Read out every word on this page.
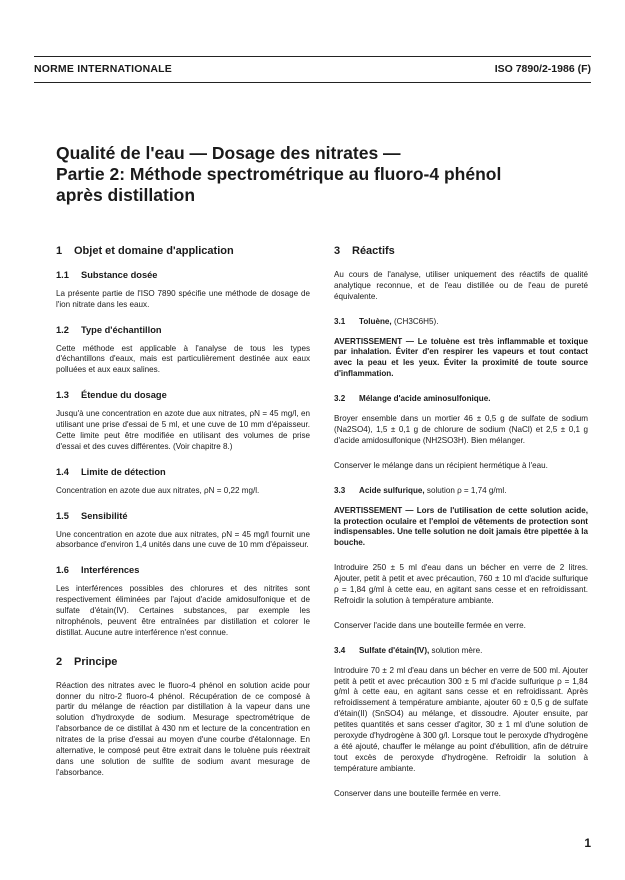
NORME INTERNATIONALE	ISO 7890/2-1986 (F)
Qualité de l'eau — Dosage des nitrates —
Partie 2: Méthode spectrométrique au fluoro-4 phénol
après distillation
1 Objet et domaine d'application
1.1 Substance dosée

La présente partie de l'ISO 7890 spécifie une méthode de dosage de l'ion nitrate dans les eaux.

1.2 Type d'échantillon

Cette méthode est applicable à l'analyse de tous les types d'échantillons d'eaux, mais est particulièrement destinée aux eaux polluées et aux eaux salines.

1.3 Étendue du dosage

Jusqu'à une concentration en azote due aux nitrates, ρN = 45 mg/l, en utilisant une prise d'essai de 5 ml, et une cuve de 10 mm d'épaisseur. Cette limite peut être modifiée en utilisant des volumes de prise d'essai et des cuves différentes. (Voir chapitre 8.)

1.4 Limite de détection

Concentration en azote due aux nitrates, ρN = 0,22 mg/l.

1.5 Sensibilité

Une concentration en azote due aux nitrates, ρN = 45 mg/l fournit une absorbance d'environ 1,4 unités dans une cuve de 10 mm d'épaisseur.

1.6 Interférences

Les interférences possibles des chlorures et des nitrites sont respectivement éliminées par l'ajout d'acide amidosulfonique et de sulfate d'étain(IV). Certaines substances, par exemple les nitrophénols, peuvent être entraînées par distillation et colorer le distillat. Aucune autre interférence n'est connue.

2 Principe

Réaction des nitrates avec le fluoro-4 phénol en solution acide pour donner du nitro-2 fluoro-4 phénol. Récupération de ce composé à partir du mélange de réaction par distillation à la vapeur dans une solution d'hydroxyde de sodium. Mesurage spectrométrique de l'absorbance de ce distillat à 430 nm et lecture de la concentration en nitrates de la prise d'essai au moyen d'une courbe d'étalonnage. En alternative, le composé peut être extrait dans le toluène puis réextrait dans une solution de sulfite de sodium avant mesurage de l'absorbance.

3 Réactifs

Au cours de l'analyse, utiliser uniquement des réactifs de qualité analytique reconnue, et de l'eau distillée ou de l'eau de pureté équivalente.

3.1 Toluène, (CH3C6H5).

AVERTISSEMENT — Le toluène est très inflammable et toxique par inhalation. Éviter d'en respirer les vapeurs et tout contact avec la peau et les yeux. Éviter la proximité de toute source d'inflammation.

3.2 Mélange d'acide aminosulfonique.

Broyer ensemble dans un mortier 46 ± 0,5 g de sulfate de sodium (Na2SO4), 1,5 ± 0,1 g de chlorure de sodium (NaCl) et 2,5 ± 0,1 g d'acide amidosulfonique (NH2SO3H). Bien mélanger.

Conserver le mélange dans un récipient hermétique à l'eau.

3.3 Acide sulfurique, solution ρ = 1,74 g/ml.

AVERTISSEMENT — Lors de l'utilisation de cette solution acide, la protection oculaire et l'emploi de vêtements de protection sont indispensables. Une telle solution ne doit jamais être pipettée à la bouche.

Introduire 250 ± 5 ml d'eau dans un bécher en verre de 2 litres. Ajouter, petit à petit et avec précaution, 760 ± 10 ml d'acide sulfurique ρ = 1,84 g/ml à cette eau, en agitant sans cesse et en refroidissant. Refroidir la solution à température ambiante.

Conserver l'acide dans une bouteille fermée en verre.

3.4 Sulfate d'étain(IV), solution mère.

Introduire 70 ± 2 ml d'eau dans un bécher en verre de 500 ml. Ajouter petit à petit et avec précaution 300 ± 5 ml d'acide sulfurique ρ = 1,84 g/ml à cette eau, en agitant sans cesse et en refroidissant. Après refroidissement à température ambiante, ajouter 60 ± 0,5 g de sulfate d'étain(II) (SnSO4) au mélange, et dissoudre. Ajouter ensuite, par petites quantités et sans cesser d'agitor, 30 ± 1 ml d'une solution de peroxyde d'hydrogène à 300 g/l. Lorsque tout le peroxyde d'hydrogène a été ajouté, chauffer le mélange au point d'ébullition, afin de détruire tout excès de peroxyde d'hydrogène. Refroidir la solution à température ambiante.

Conserver dans une bouteille fermée en verre.

1
